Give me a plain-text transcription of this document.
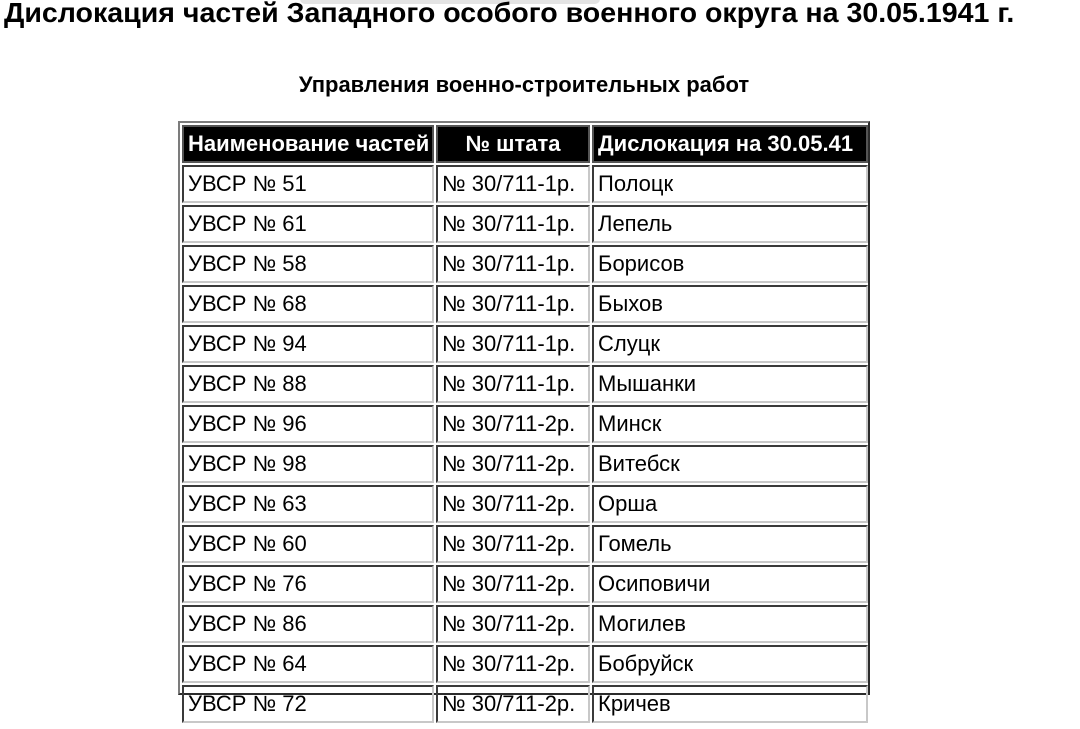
Дислокация частей Западного особого военного округа на 30.05.1941 г.
Управления военно-строительных работ
Наименование частей	№ штата	Дислокация на 30.05.41
УВСР № 51	№ 30/711-1р.	Полоцк
УВСР № 61	№ 30/711-1р.	Лепель
УВСР № 58	№ 30/711-1р.	Борисов
УВСР № 68	№ 30/711-1р.	Быхов
УВСР № 94	№ 30/711-1р.	Слуцк
УВСР № 88	№ 30/711-1р.	Мышанки
УВСР № 96	№ 30/711-2р.	Минск
УВСР № 98	№ 30/711-2р.	Витебск
УВСР № 63	№ 30/711-2р.	Орша
УВСР № 60	№ 30/711-2р.	Гомель
УВСР № 76	№ 30/711-2р.	Осиповичи
УВСР № 86	№ 30/711-2р.	Могилев
УВСР № 64	№ 30/711-2р.	Бобруйск
УВСР № 72	№ 30/711-2р.	Кричев
